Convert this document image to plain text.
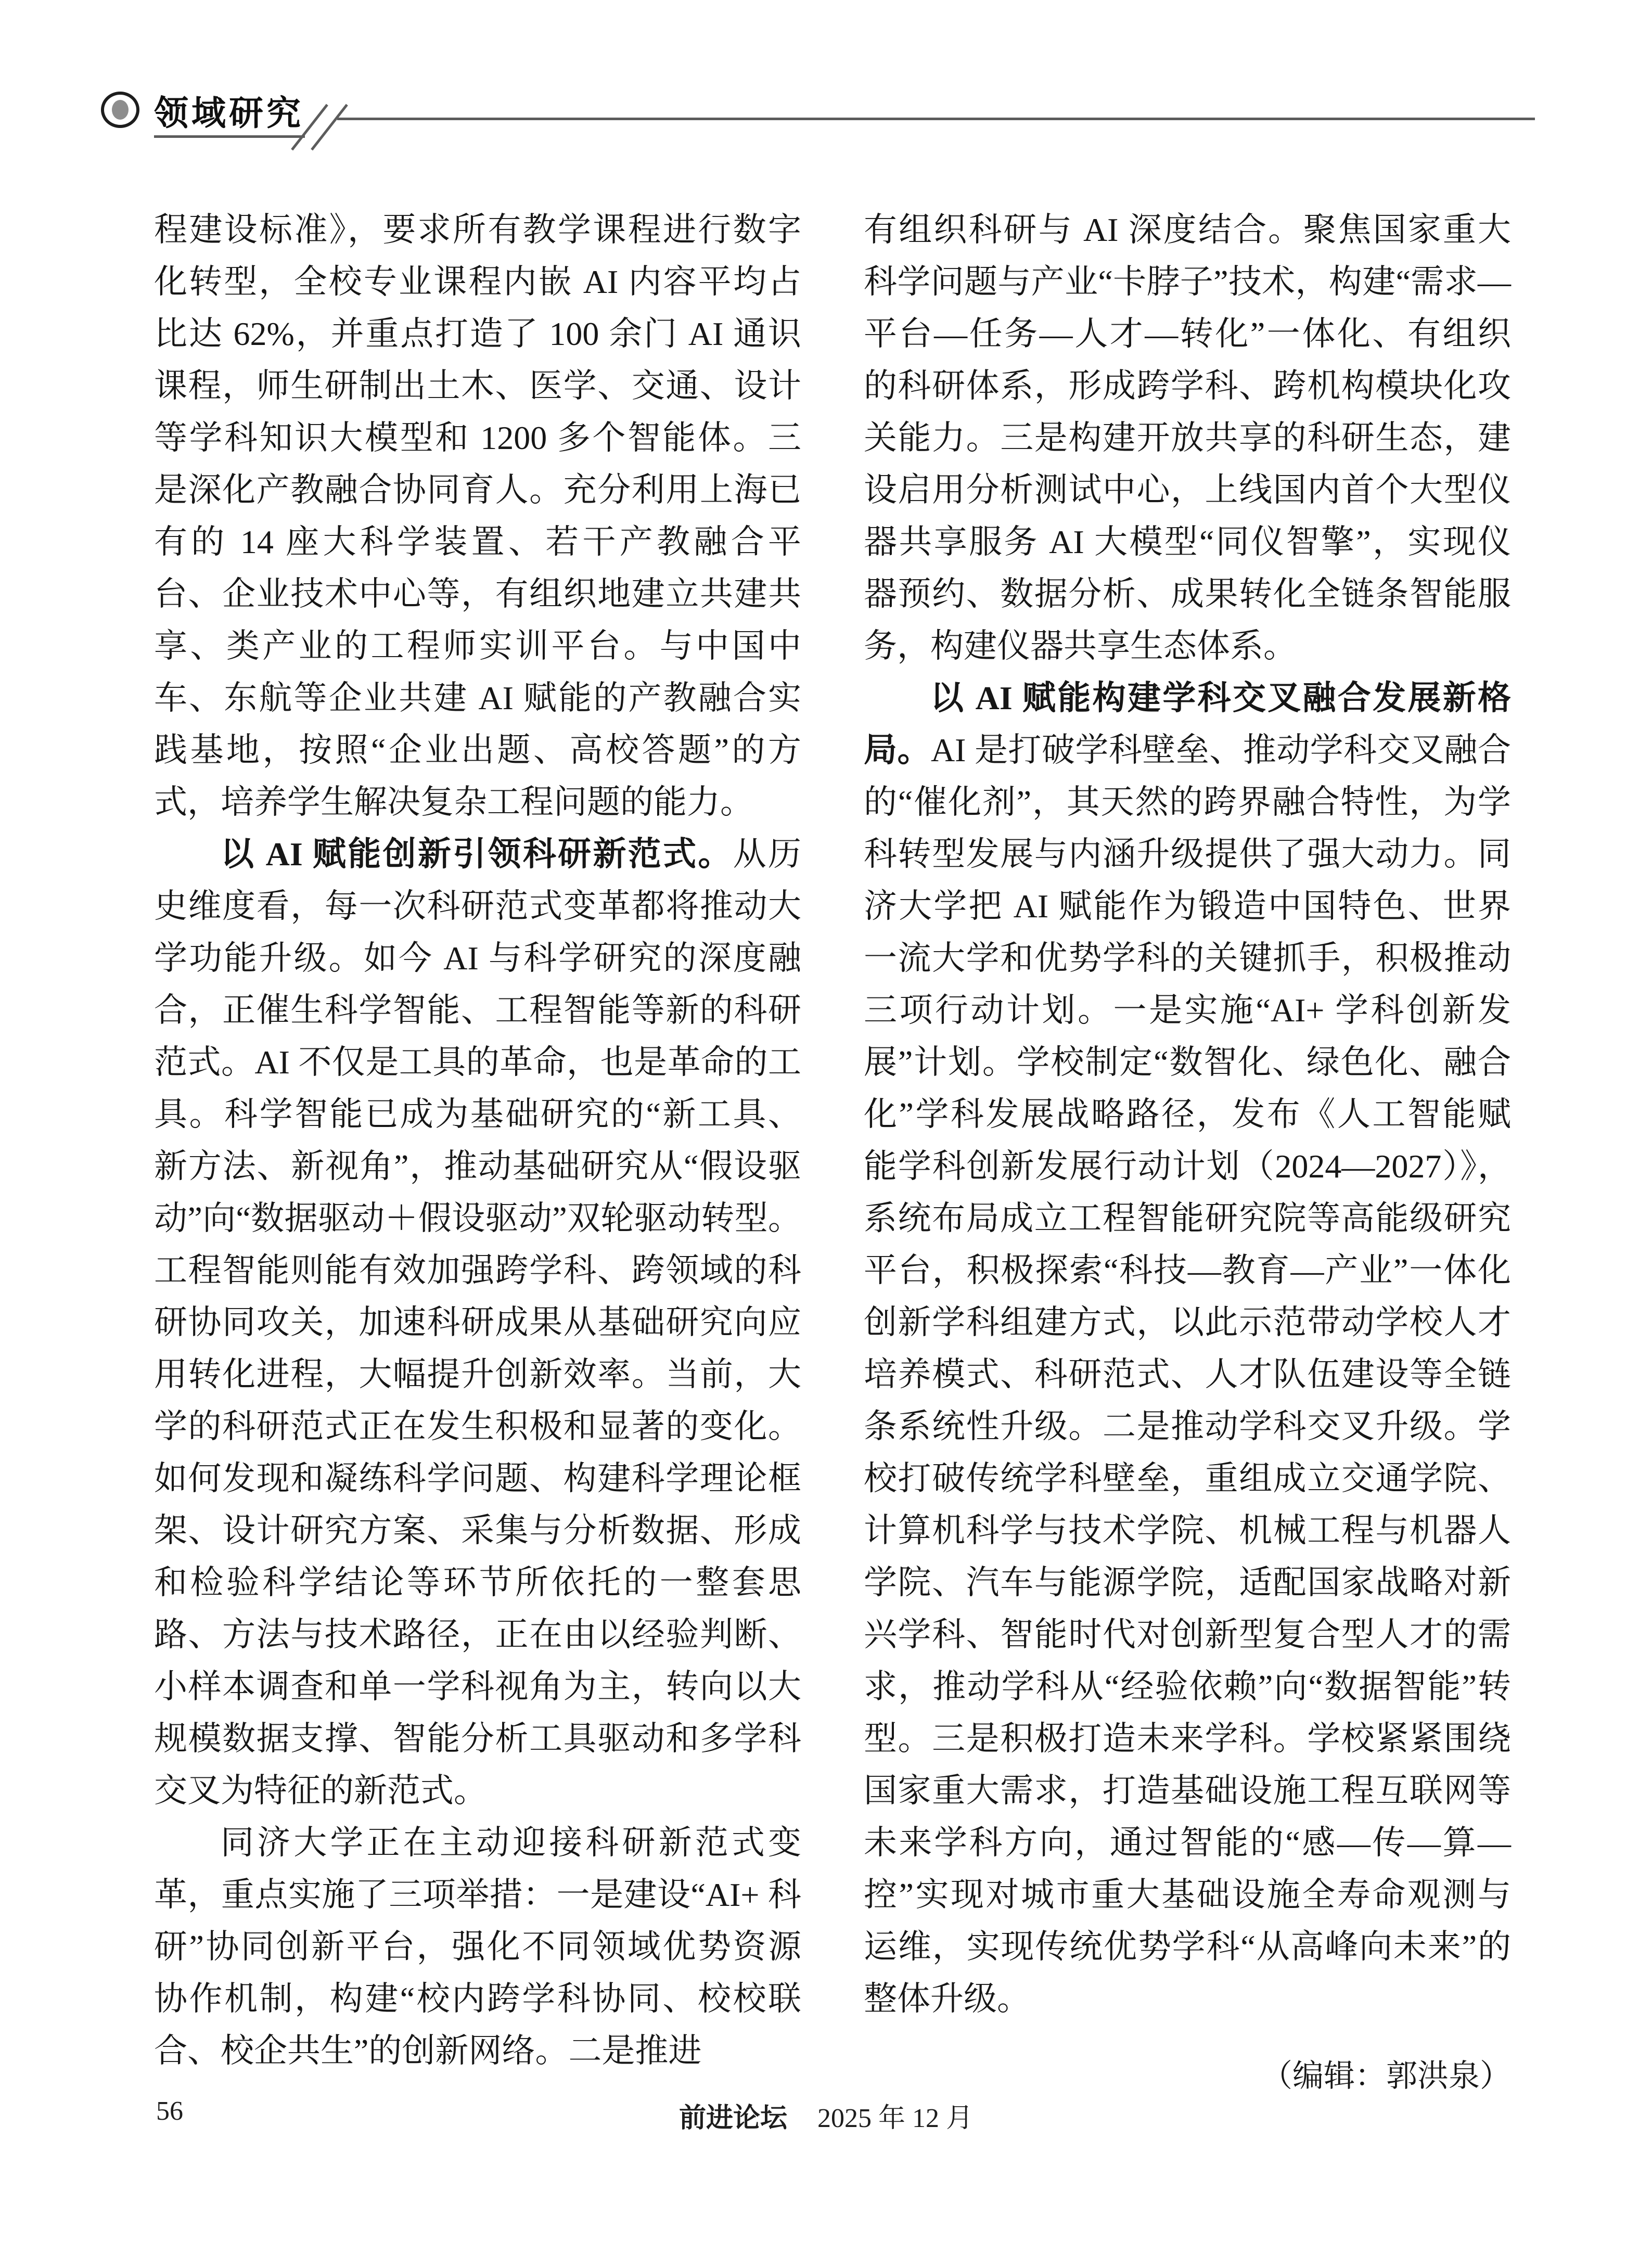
领域研究

程建设标准》，要求所有教学课程进行数字化转型，全校专业课程内嵌 AI 内容平均占比达 62%，并重点打造了 100 余门 AI 通识课程，师生研制出土木、医学、交通、设计等学科知识大模型和 1200 多个智能体。三是深化产教融合协同育人。充分利用上海已有的 14 座大科学装置、若干产教融合平台、企业技术中心等，有组织地建立共建共享、类产业的工程师实训平台。与中国中车、东航等企业共建 AI 赋能的产教融合实践基地，按照“企业出题、高校答题”的方式，培养学生解决复杂工程问题的能力。

以 AI 赋能创新引领科研新范式。从历史维度看，每一次科研范式变革都将推动大学功能升级。如今 AI 与科学研究的深度融合，正催生科学智能、工程智能等新的科研范式。AI 不仅是工具的革命，也是革命的工具。科学智能已成为基础研究的“新工具、新方法、新视角”，推动基础研究从“假设驱动”向“数据驱动＋假设驱动”双轮驱动转型。工程智能则能有效加强跨学科、跨领域的科研协同攻关，加速科研成果从基础研究向应用转化进程，大幅提升创新效率。当前，大学的科研范式正在发生积极和显著的变化。如何发现和凝练科学问题、构建科学理论框架、设计研究方案、采集与分析数据、形成和检验科学结论等环节所依托的一整套思路、方法与技术路径，正在由以经验判断、小样本调查和单一学科视角为主，转向以大规模数据支撑、智能分析工具驱动和多学科交叉为特征的新范式。

同济大学正在主动迎接科研新范式变革，重点实施了三项举措：一是建设“AI+ 科研”协同创新平台，强化不同领域优势资源协作机制，构建“校内跨学科协同、校校联合、校企共生”的创新网络。二是推进

有组织科研与 AI 深度结合。聚焦国家重大科学问题与产业“卡脖子”技术，构建“需求—平台—任务—人才—转化”一体化、有组织的科研体系，形成跨学科、跨机构模块化攻关能力。三是构建开放共享的科研生态，建设启用分析测试中心，上线国内首个大型仪器共享服务 AI 大模型“同仪智擎”，实现仪器预约、数据分析、成果转化全链条智能服务，构建仪器共享生态体系。

以 AI 赋能构建学科交叉融合发展新格局。AI 是打破学科壁垒、推动学科交叉融合的“催化剂”，其天然的跨界融合特性，为学科转型发展与内涵升级提供了强大动力。同济大学把 AI 赋能作为锻造中国特色、世界一流大学和优势学科的关键抓手，积极推动三项行动计划。一是实施“AI+ 学科创新发展”计划。学校制定“数智化、绿色化、融合化”学科发展战略路径，发布《人工智能赋能学科创新发展行动计划（2024—2027）》，系统布局成立工程智能研究院等高能级研究平台，积极探索“科技—教育—产业”一体化创新学科组建方式，以此示范带动学校人才培养模式、科研范式、人才队伍建设等全链条系统性升级。二是推动学科交叉升级。学校打破传统学科壁垒，重组成立交通学院、计算机科学与技术学院、机械工程与机器人学院、汽车与能源学院，适配国家战略对新兴学科、智能时代对创新型复合型人才的需求，推动学科从“经验依赖”向“数据智能”转型。三是积极打造未来学科。学校紧紧围绕国家重大需求，打造基础设施工程互联网等未来学科方向，通过智能的“感—传—算—控”实现对城市重大基础设施全寿命观测与运维，实现传统优势学科“从高峰向未来”的整体升级。

（编辑：郭洪泉）

56	前进论坛 2025 年 12 月
